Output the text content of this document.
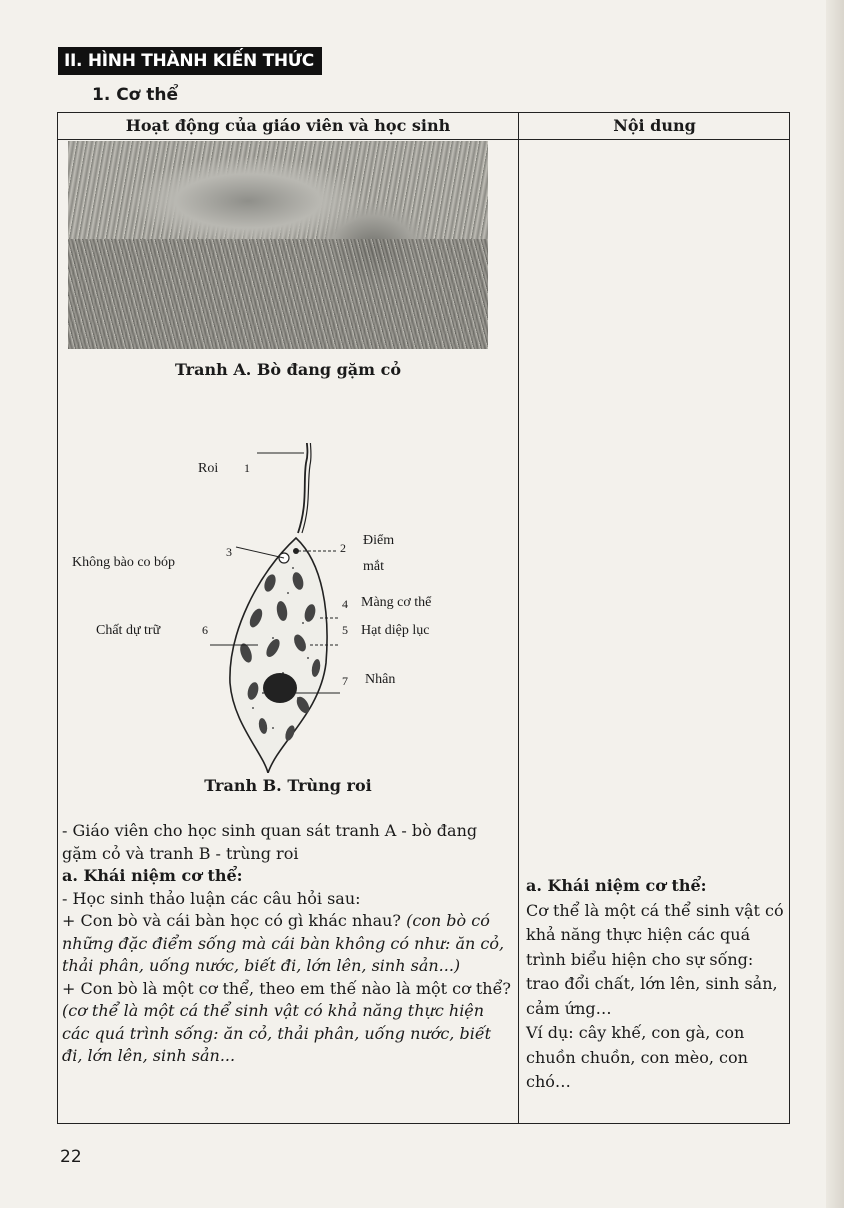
II. HÌNH THÀNH KIẾN THỨC
1. Cơ thể
Hoạt động của giáo viên và học sinh	Nội dung
Tranh A. Bò đang gặm cỏ
Roi 1
Không bào co bóp
3	2 Điểm
mắt
4 Màng cơ thể
Chất dự trữ	6	5 Hạt diệp lục
7 Nhân
Tranh B. Trùng roi

- Giáo viên cho học sinh quan sát tranh A - bò đang gặm cỏ và tranh B - trùng roi

a. Khái niệm cơ thể:

- Học sinh thảo luận các câu hỏi sau:

+ Con bò và cái bàn học có gì khác nhau? (con bò có những đặc điểm sống mà cái bàn không có như: ăn cỏ, thải phân, uống nước, biết đi, lớn lên, sinh sản...)

+ Con bò là một cơ thể, theo em thế nào là một cơ thể? (cơ thể là một cá thể sinh vật có khả năng thực hiện các quá trình sống: ăn cỏ, thải phân, uống nước, biết đi, lớn lên, sinh sản...

a. Khái niệm cơ thể:

Cơ thể là một cá thể sinh vật có khả năng thực hiện các quá trình biểu hiện cho sự sống: trao đổi chất, lớn lên, sinh sản, cảm ứng…

Ví dụ: cây khế, con gà, con chuồn chuồn, con mèo, con chó…

22
